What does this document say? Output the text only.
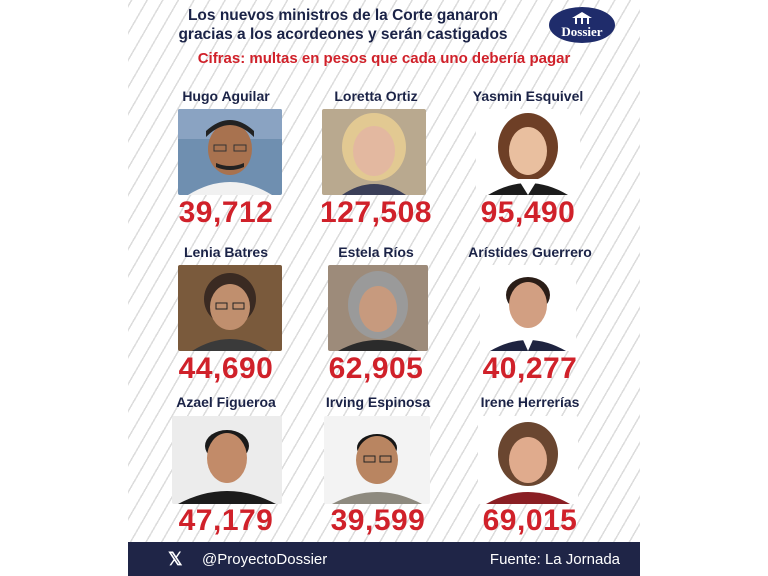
Los nuevos ministros de la Corte ganaron
gracias a los acordeones y serán castigados	Dossier
Cifras: multas en pesos que cada uno debería pagar
Hugo Aguilar
39,712
Loretta Ortiz
127,508
Yasmin Esquivel
95,490
Lenia Batres
44,690
Estela Ríos
62,905
Arístides Guerrero
40,277
Azael Figueroa
47,179
Irving Espinosa
39,599
Irene Herrerías
69,015
𝕏 @ProyectoDossier	Fuente: La Jornada
